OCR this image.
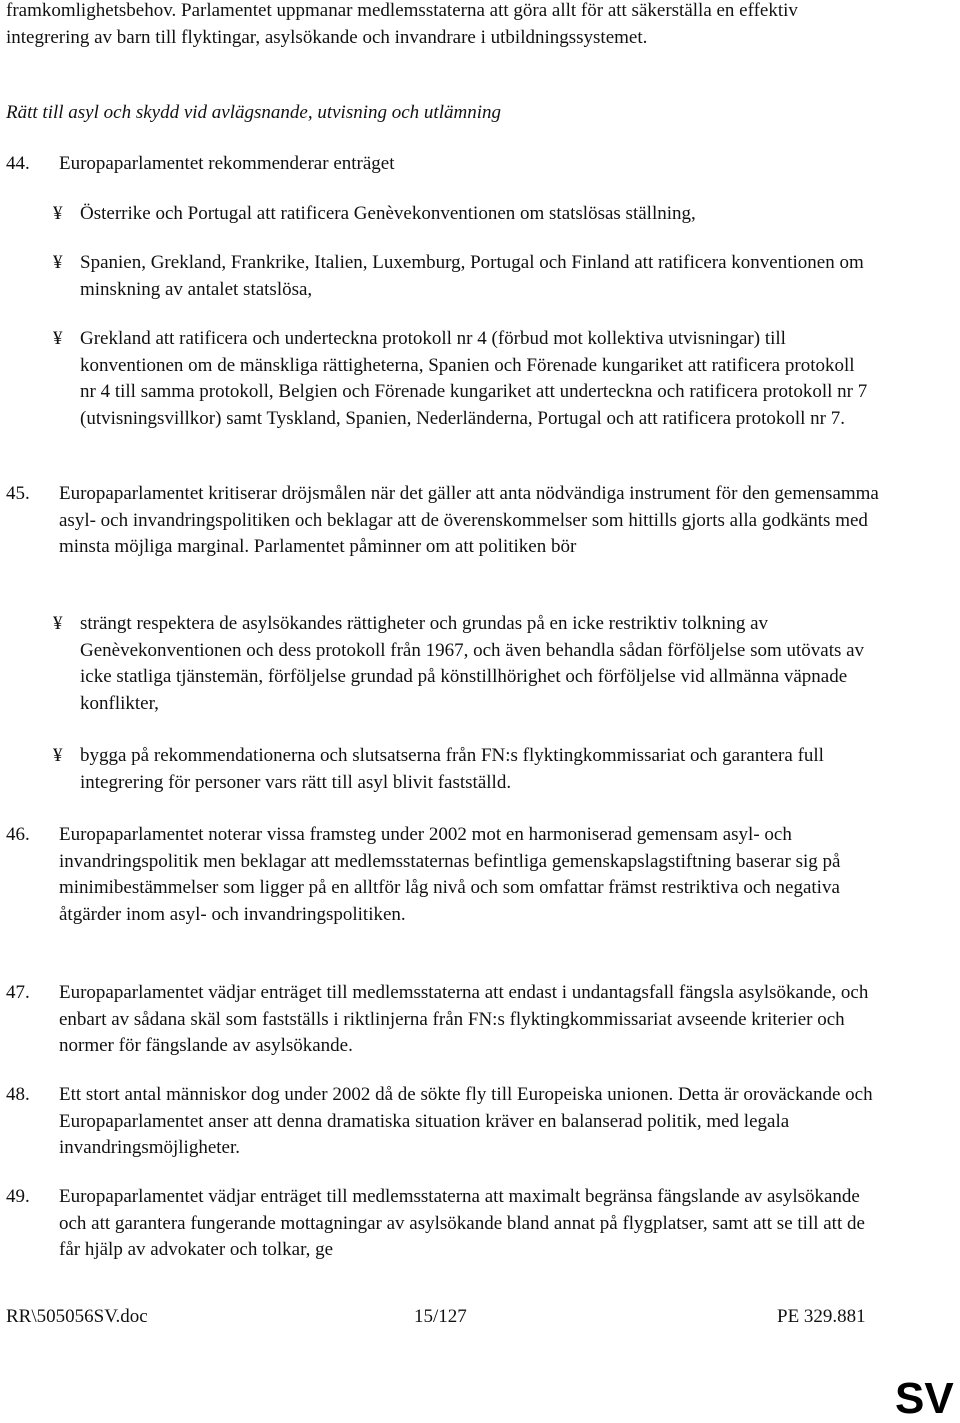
framkomlighetsbehov. Parlamentet uppmanar medlemsstaterna att göra allt för att säkerställa en effektiv integrering av barn till flyktingar, asylsökande och invandrare i utbildningssystemet.

Rätt till asyl och skydd vid avlägsnande, utvisning och utlämning

44.	Europaparlamentet rekommenderar enträget
¥ Österrike och Portugal att ratificera Genèvekonventionen om statslösas ställning,
¥ Spanien, Grekland, Frankrike, Italien, Luxemburg, Portugal och Finland att ratificera konventionen om minskning av antalet statslösa,
¥ Grekland att ratificera och underteckna protokoll nr 4 (förbud mot kollektiva utvisningar) till konventionen om de mänskliga rättigheterna, Spanien och Förenade kungariket att ratificera protokoll nr 4 till samma protokoll, Belgien och Förenade kungariket att underteckna och ratificera protokoll nr 7 (utvisningsvillkor) samt Tyskland, Spanien, Nederländerna, Portugal och att ratificera protokoll nr 7.
45.	Europaparlamentet kritiserar dröjsmålen när det gäller att anta nödvändiga instrument för den gemensamma asyl- och invandringspolitiken och beklagar att de överenskommelser som hittills gjorts alla godkänts med minsta möjliga marginal. Parlamentet påminner om att politiken bör
¥ strängt respektera de asylsökandes rättigheter och grundas på en icke restriktiv tolkning av Genèvekonventionen och dess protokoll från 1967, och även behandla sådan förföljelse som utövats av icke statliga tjänstemän, förföljelse grundad på könstillhörighet och förföljelse vid allmänna väpnade konflikter,
¥ bygga på rekommendationerna och slutsatserna från FN:s flyktingkommissariat och garantera full integrering för personer vars rätt till asyl blivit fastställd.
46.	Europaparlamentet noterar vissa framsteg under 2002 mot en harmoniserad gemensam asyl- och invandringspolitik men beklagar att medlemsstaternas befintliga gemenskapslagstiftning baserar sig på minimibestämmelser som ligger på en alltför låg nivå och som omfattar främst restriktiva och negativa åtgärder inom asyl- och invandringspolitiken.
47.	Europaparlamentet vädjar enträget till medlemsstaterna att endast i undantagsfall fängsla asylsökande, och enbart av sådana skäl som fastställs i riktlinjerna från FN:s flyktingkommissariat avseende kriterier och normer för fängslande av asylsökande.
48.	Ett stort antal människor dog under 2002 då de sökte fly till Europeiska unionen. Detta är oroväckande och Europaparlamentet anser att denna dramatiska situation kräver en balanserad politik, med legala invandringsmöjligheter.
49.	Europaparlamentet vädjar enträget till medlemsstaterna att maximalt begränsa fängslande av asylsökande och att garantera fungerande mottagningar av asylsökande bland annat på flygplatser, samt att se till att de får hjälp av advokater och tolkar, ge
RR\505056SV.doc	15/127	PE 329.881
SV
